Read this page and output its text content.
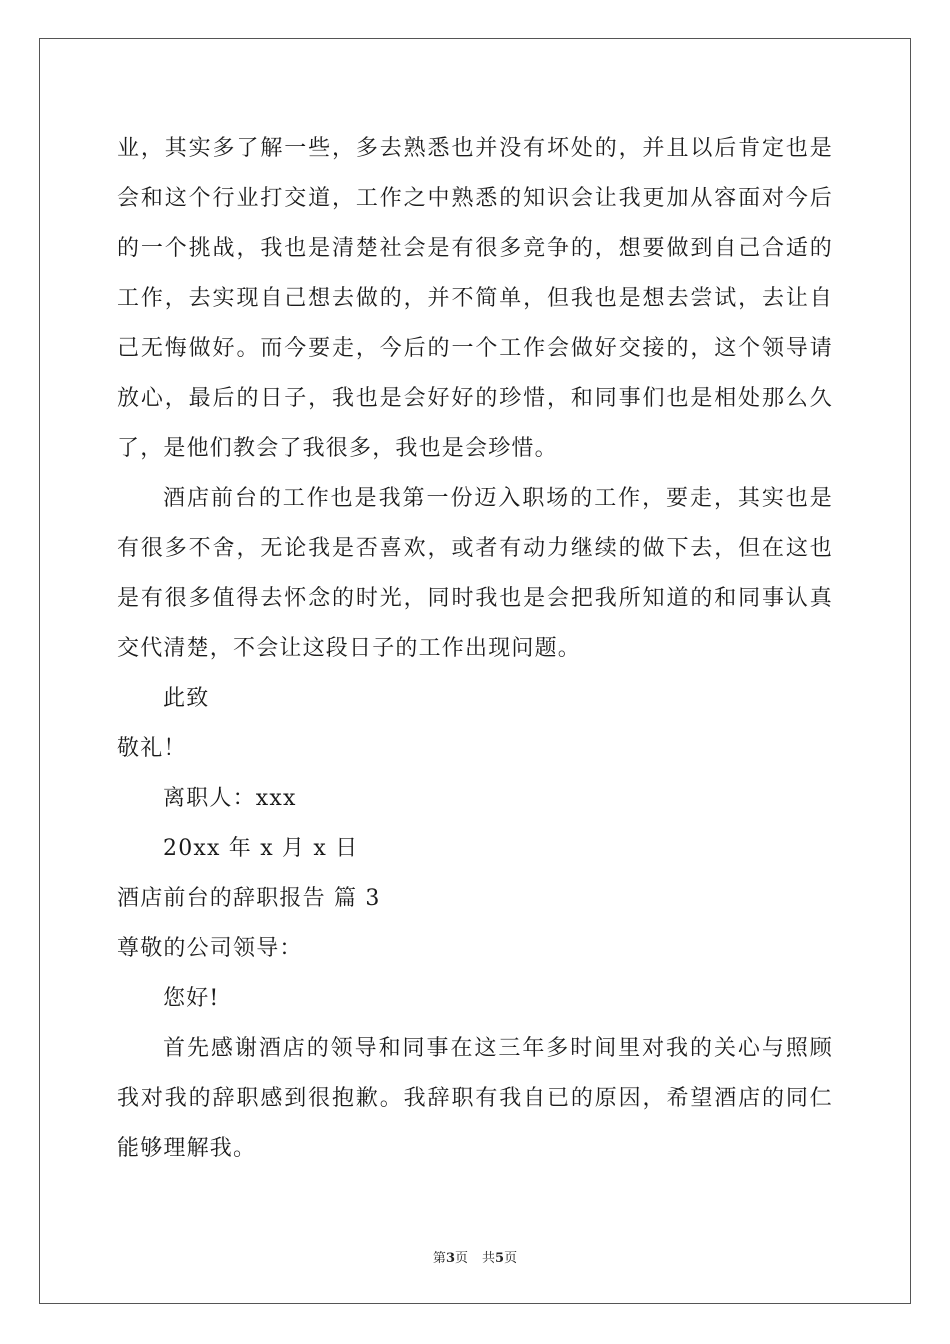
业，其实多了解一些，多去熟悉也并没有坏处的，并且以后肯定也是
会和这个行业打交道，工作之中熟悉的知识会让我更加从容面对今后
的一个挑战，我也是清楚社会是有很多竞争的，想要做到自己合适的
工作，去实现自己想去做的，并不简单，但我也是想去尝试，去让自
己无悔做好。而今要走，今后的一个工作会做好交接的，这个领导请
放心，最后的日子，我也是会好好的珍惜，和同事们也是相处那么久
了，是他们教会了我很多，我也是会珍惜。
酒店前台的工作也是我第一份迈入职场的工作，要走，其实也是
有很多不舍，无论我是否喜欢，或者有动力继续的做下去，但在这也
是有很多值得去怀念的时光，同时我也是会把我所知道的和同事认真
交代清楚，不会让这段日子的工作出现问题。
此致
敬礼！
离职人：xxx
20xx 年 x 月 x 日
酒店前台的辞职报告 篇 3
尊敬的公司领导：
您好!
首先感谢酒店的领导和同事在这三年多时间里对我的关心与照顾
我对我的辞职感到很抱歉。我辞职有我自已的原因，希望酒店的同仁
能够理解我。
第3页 共5页
